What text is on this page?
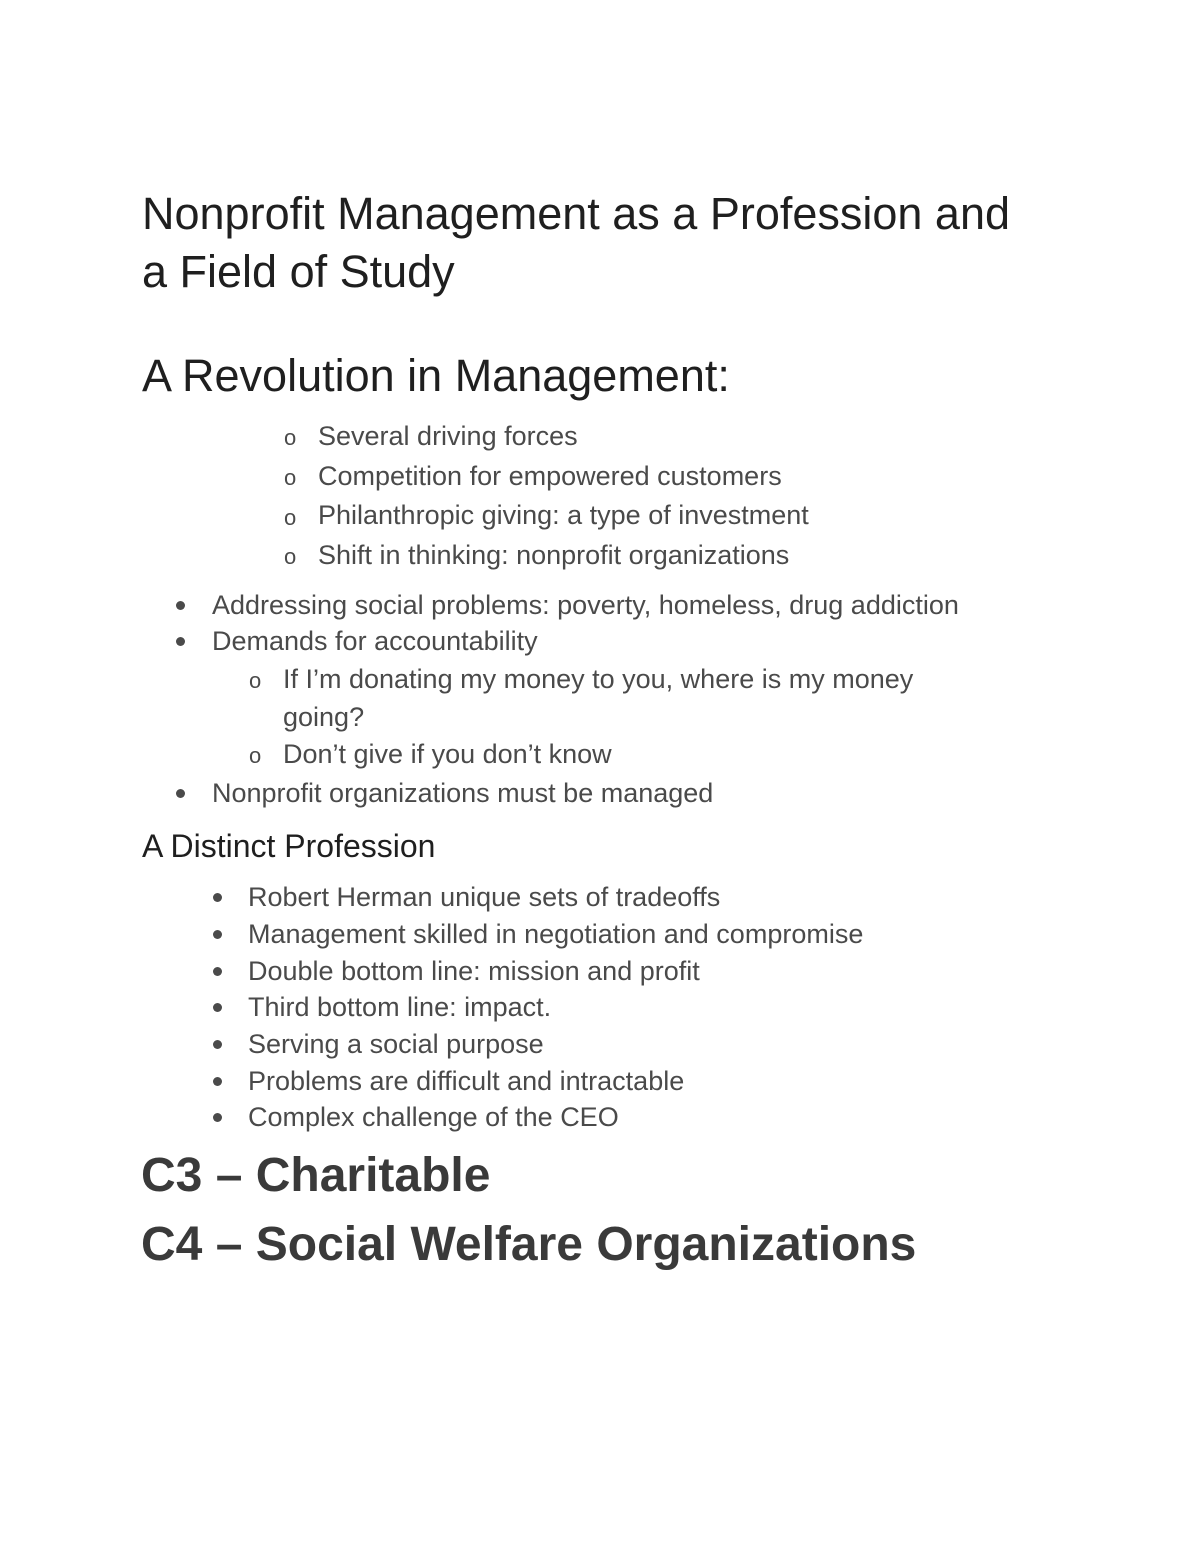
Nonprofit Management as a Profession and
a Field of Study
A Revolution in Management:
o Several driving forces
o Competition for empowered customers
o Philanthropic giving: a type of investment
o Shift in thinking: nonprofit organizations
Addressing social problems: poverty, homeless, drug addiction
Demands for accountability
o If I’m donating my money to you, where is my money
going?
o Don’t give if you don’t know
Nonprofit organizations must be managed
A Distinct Profession
Robert Herman unique sets of tradeoffs
Management skilled in negotiation and compromise
Double bottom line: mission and profit
Third bottom line: impact.
Serving a social purpose
Problems are difficult and intractable
Complex challenge of the CEO
C3 – Charitable
C4 – Social Welfare Organizations
